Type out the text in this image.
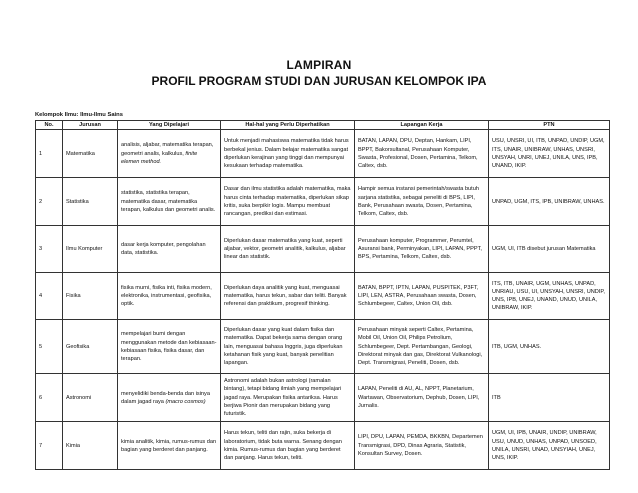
LAMPIRAN
PROFIL PROGRAM STUDI DAN JURUSAN KELOMPOK IPA
Kelompok Ilmu: Ilmu-Ilmu Sains
No.	Jurusan	Yang Dipelajari	Hal-hal yang Perlu Diperhatikan	Lapangan Kerja	PTN
1	Matematika	analisis, aljabar, matematika terapan, geometri analis, kalkulus, finite elemen method.	Untuk menjadi mahasiswa matematika tidak harus berbekal jenius. Dalam belajar matematika sangat diperlukan kerajinan yang tinggi dan mempunyai kesukaan terhadap matematika.	BATAN, LAPAN, DPU, Deptan, Hankam, LIPI, BPPT, Bakorsultanal, Perusahaan Komputer, Swasta, Profesional, Dosen, Pertamina, Telkom, Caltex, dsb.	USU, UNSRI, UI, ITB, UNPAD, UNDIP, UGM, ITS, UNAIR, UNIBRAW, UNHAS, UNSRI, UNSYAH, UNRI, UNEJ, UNILA, UNS, IPB, UNAND, IKIP.
2	Statistika	statistika, statistika terapan, matematika dasar, matematika terapan, kalkulus dan geometri analis.	Dasar dan ilmu statistika adalah matematika, maka harus cinta terhadap matematika, diperlukan sikap kritis, suka berpikir logis. Mampu membuat rancangan, prediksi dan estimasi.	Hampir semua instansi pemerintah/swasta butuh sarjana statistika, sebagai peneliti di BPS, LIPI, Bank, Perusahaan swasta, Dosen, Pertamina, Telkom, Caltex, dsb.	UNPAD, UGM, ITS, IPB, UNIBRAW, UNHAS.
3	Ilmu Komputer	dasar kerja komputer, pengolahan data, statistika.	Diperlukan dasar matematika yang kuat, seperti aljabar, vektor, geometri analitik, kalkulus, aljabar linear dan statistik.	Perusahaan komputer, Programmer, Perumtel, Asuransi bank, Perminyakan, LIPI, LAPAN, PPPT, BPS, Pertamina, Telkom, Caltex, dsb.	UGM, UI, ITB disebut jurusan Matematika
4	Fisika	fisika murni, fisika inti, fisika modern, elektronika, instrumentasi, geofisika, optik.	Diperlukan daya analitik yang kuat, menguasai matematika, harus tekun, sabar dan teliti. Banyak referensi dan praktikum, progresif thinking.	BATAN, BPPT, IPTN, LAPAN, PUSPITEK, P3FT, LIPI, LEN, ASTRA, Perusahaan swasta, Dosen, Schlumbegeer, Caltex, Union Oil, dsb.	ITS, ITB, UNAIR, UGM, UNHAS, UNPAD, UNRIAU, USU, UI, UNSYAH, UNSRI, UNDIP, UNS, IPB, UNEJ, UNAND, UNUD, UNILA, UNIBRAW, IKIP.
5	Geofisika	mempelajari bumi dengan menggunakan metode dan kebiasaan-kebiasaan fisika, fisika dasar, dan terapan.	Diperlukan dasar yang kuat dalam fisika dan matematika. Dapat bekerja sama dengan orang lain, menguasai bahasa Inggris, juga diperlukan ketahanan fisik yang kuat, banyak penelitian lapangan.	Perusahaan minyak seperti Caltex, Pertamina, Mobil Oil, Union Oil, Philips Petrolium, Schlumbegeer, Dept. Pertambangan, Geologi, Direktorat minyak dan gas, Direktorat Vulkanologi, Dept. Transmigrasi, Peneliti, Dosen, dsb.	ITB, UGM, UNHAS.
6	Astronomi	menyelidiki benda-benda dan isinya dalam jagad raya (macro cosmos)	Astronomi adalah bukan astrologi (ramalan bintang), tetapi bidang ilmiah yang mempelajari jagad raya. Merupakan fisika antariksa. Harus berjiwa Pionir dan merupakan bidang yang futuristik.	LAPAN, Peneliti di AU, AL, NPPT, Planetarium, Wartawan, Observatorium, Dephub, Dosen, LIPI, Jurnalis.	ITB
7	Kimia	kimia analitik, kimia, rumus-rumus dan bagian yang berderet dan panjang.	Harus tekun, teliti dan rajin, suka bekerja di laboratorium, tidak buta warna. Senang dengan kimia. Rumus-rumus dan bagian yang berderet dan panjang. Harus tekun, teliti.	LIPI, DPU, LAPAN, PEMDA, BKKBN, Departemen Transmigrasi, DPD, Dinas Agraria, Statistik, Konsultan Survey, Dosen.	UGM, UI, IPB, UNAIR, UNDIP, UNIBRAW, USU, UNUD, UNHAS, UNPAD, UNSOED, UNILA, UNSRI, UNAD, UNSYIAH, UNEJ, UNS, IKIP.
